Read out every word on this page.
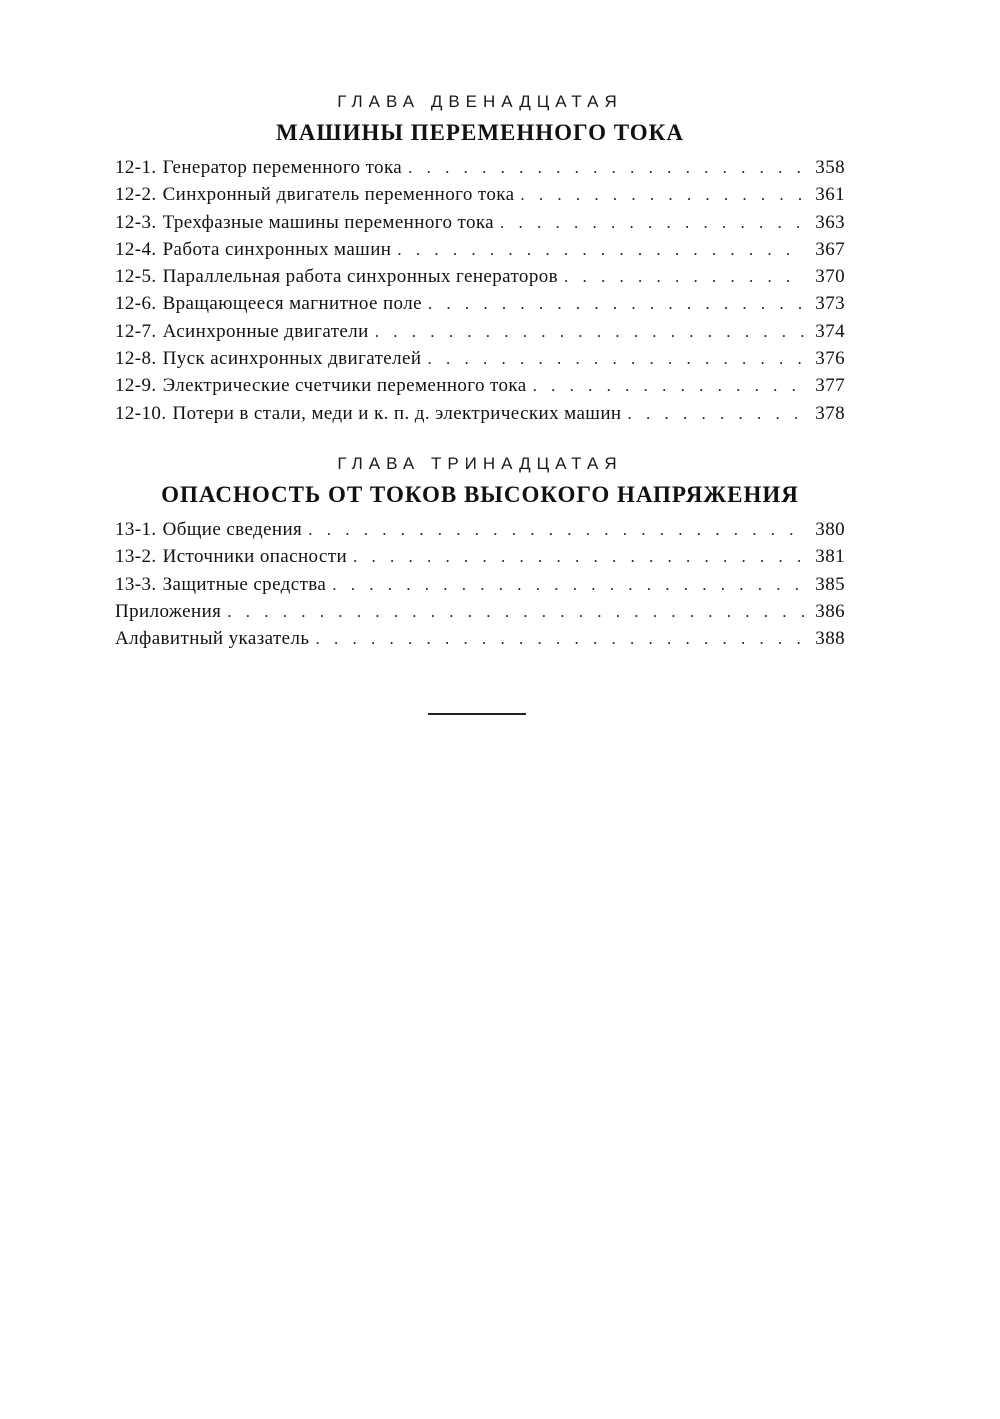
ГЛАВА ДВЕНАДЦАТАЯ

МАШИНЫ ПЕРЕМЕННОГО ТОКА
12-1. Генератор переменного тока . . .	358
12-2. Синхронный двигатель переменного тока . . .	361
12-3. Трехфазные машины переменного тока . . .	363
12-4. Работа синхронных машин . . .	367
12-5. Параллельная работа синхронных генераторов . . .	370
12-6. Вращающееся магнитное поле . . .	373
12-7. Асинхронные двигатели . . .	374
12-8. Пуск асинхронных двигателей . . .	376
12-9. Электрические счетчики переменного тока . . .	377
12-10. Потери в стали, меди и к. п. д. электрических машин . . .	378

ГЛАВА ТРИНАДЦАТАЯ

ОПАСНОСТЬ ОТ ТОКОВ ВЫСОКОГО НАПРЯЖЕНИЯ
13-1. Общие сведения . . .	380
13-2. Источники опасности . . .	381
13-3. Защитные средства . . .	385
Приложения . . .	386
Алфавитный указатель . . .	388
